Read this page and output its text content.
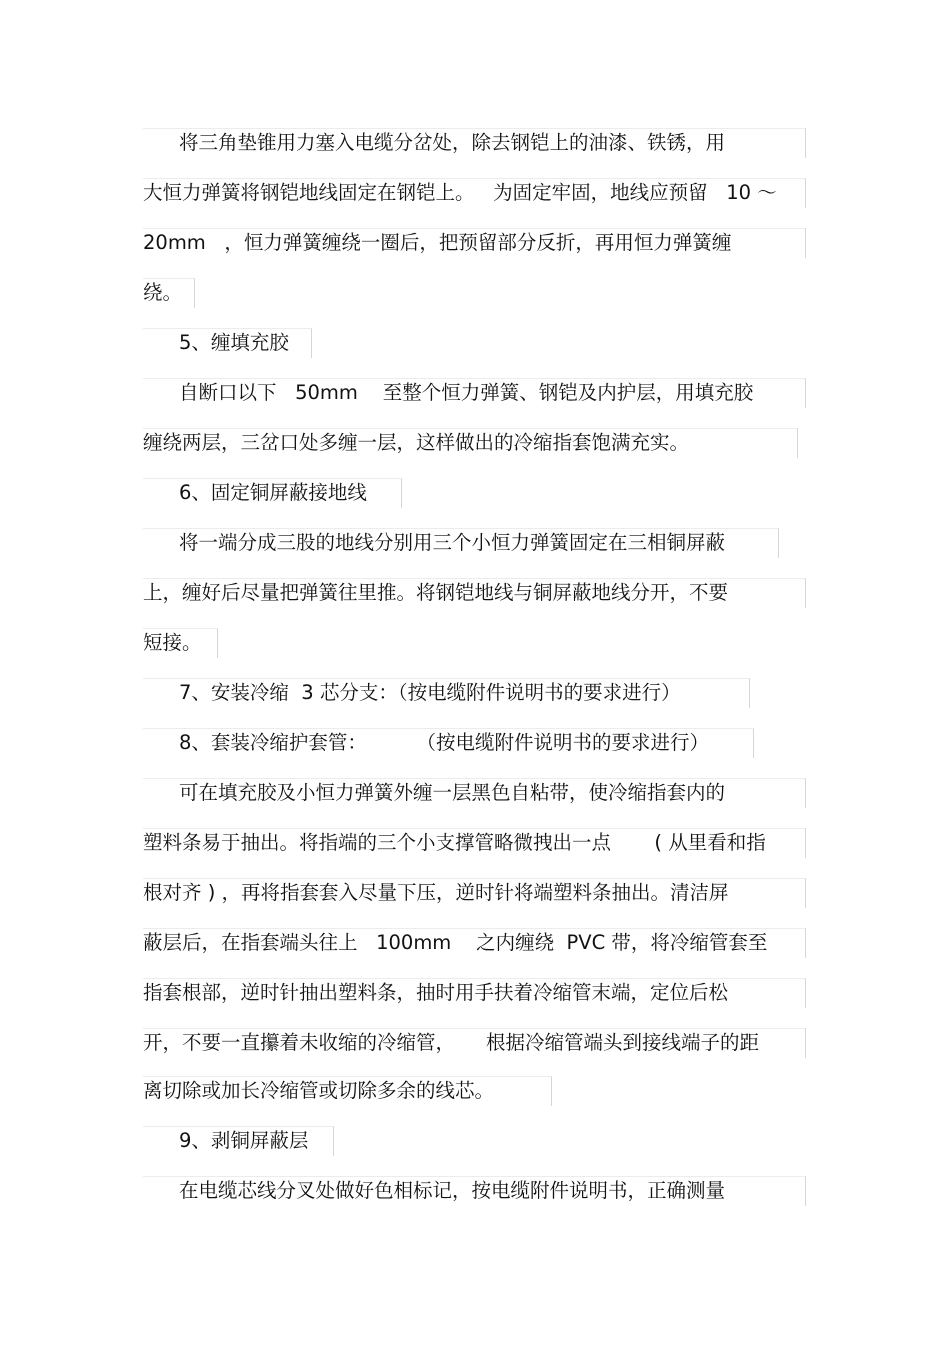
将三角垫锥用力塞入电缆分岔处，除去钢铠上的油漆、铁锈，用
大恒力弹簧将钢铠地线固定在钢铠上。   为固定牢固，地线应预留   10 ～
20mm   ，恒力弹簧缠绕一圈后，把预留部分反折，再用恒力弹簧缠
绕。
5、缠填充胶
自断口以下   50mm    至整个恒力弹簧、钢铠及内护层，用填充胶
缠绕两层，三岔口处多缠一层，这样做出的冷缩指套饱满充实。
6、固定铜屏蔽接地线
将一端分成三股的地线分别用三个小恒力弹簧固定在三相铜屏蔽
上，缠好后尽量把弹簧往里推。将钢铠地线与铜屏蔽地线分开，不要
短接。
7、安装冷缩  3 芯分支：（按电缆附件说明书的要求进行）
8、套装冷缩护套管：        （按电缆附件说明书的要求进行）
可在填充胶及小恒力弹簧外缠一层黑色自粘带，使冷缩指套内的
塑料条易于抽出。将指端的三个小支撑管略微拽出一点       ( 从里看和指
根对齐 ) ，再将指套套入尽量下压，逆时针将端塑料条抽出。清洁屏
蔽层后，在指套端头往上   100mm    之内缠绕  PVC 带，将冷缩管套至
指套根部，逆时针抽出塑料条，抽时用手扶着冷缩管末端，定位后松
开，不要一直攥着未收缩的冷缩管，     根据冷缩管端头到接线端子的距
离切除或加长冷缩管或切除多余的线芯。
9、剥铜屏蔽层
在电缆芯线分叉处做好色相标记，按电缆附件说明书，正确测量
